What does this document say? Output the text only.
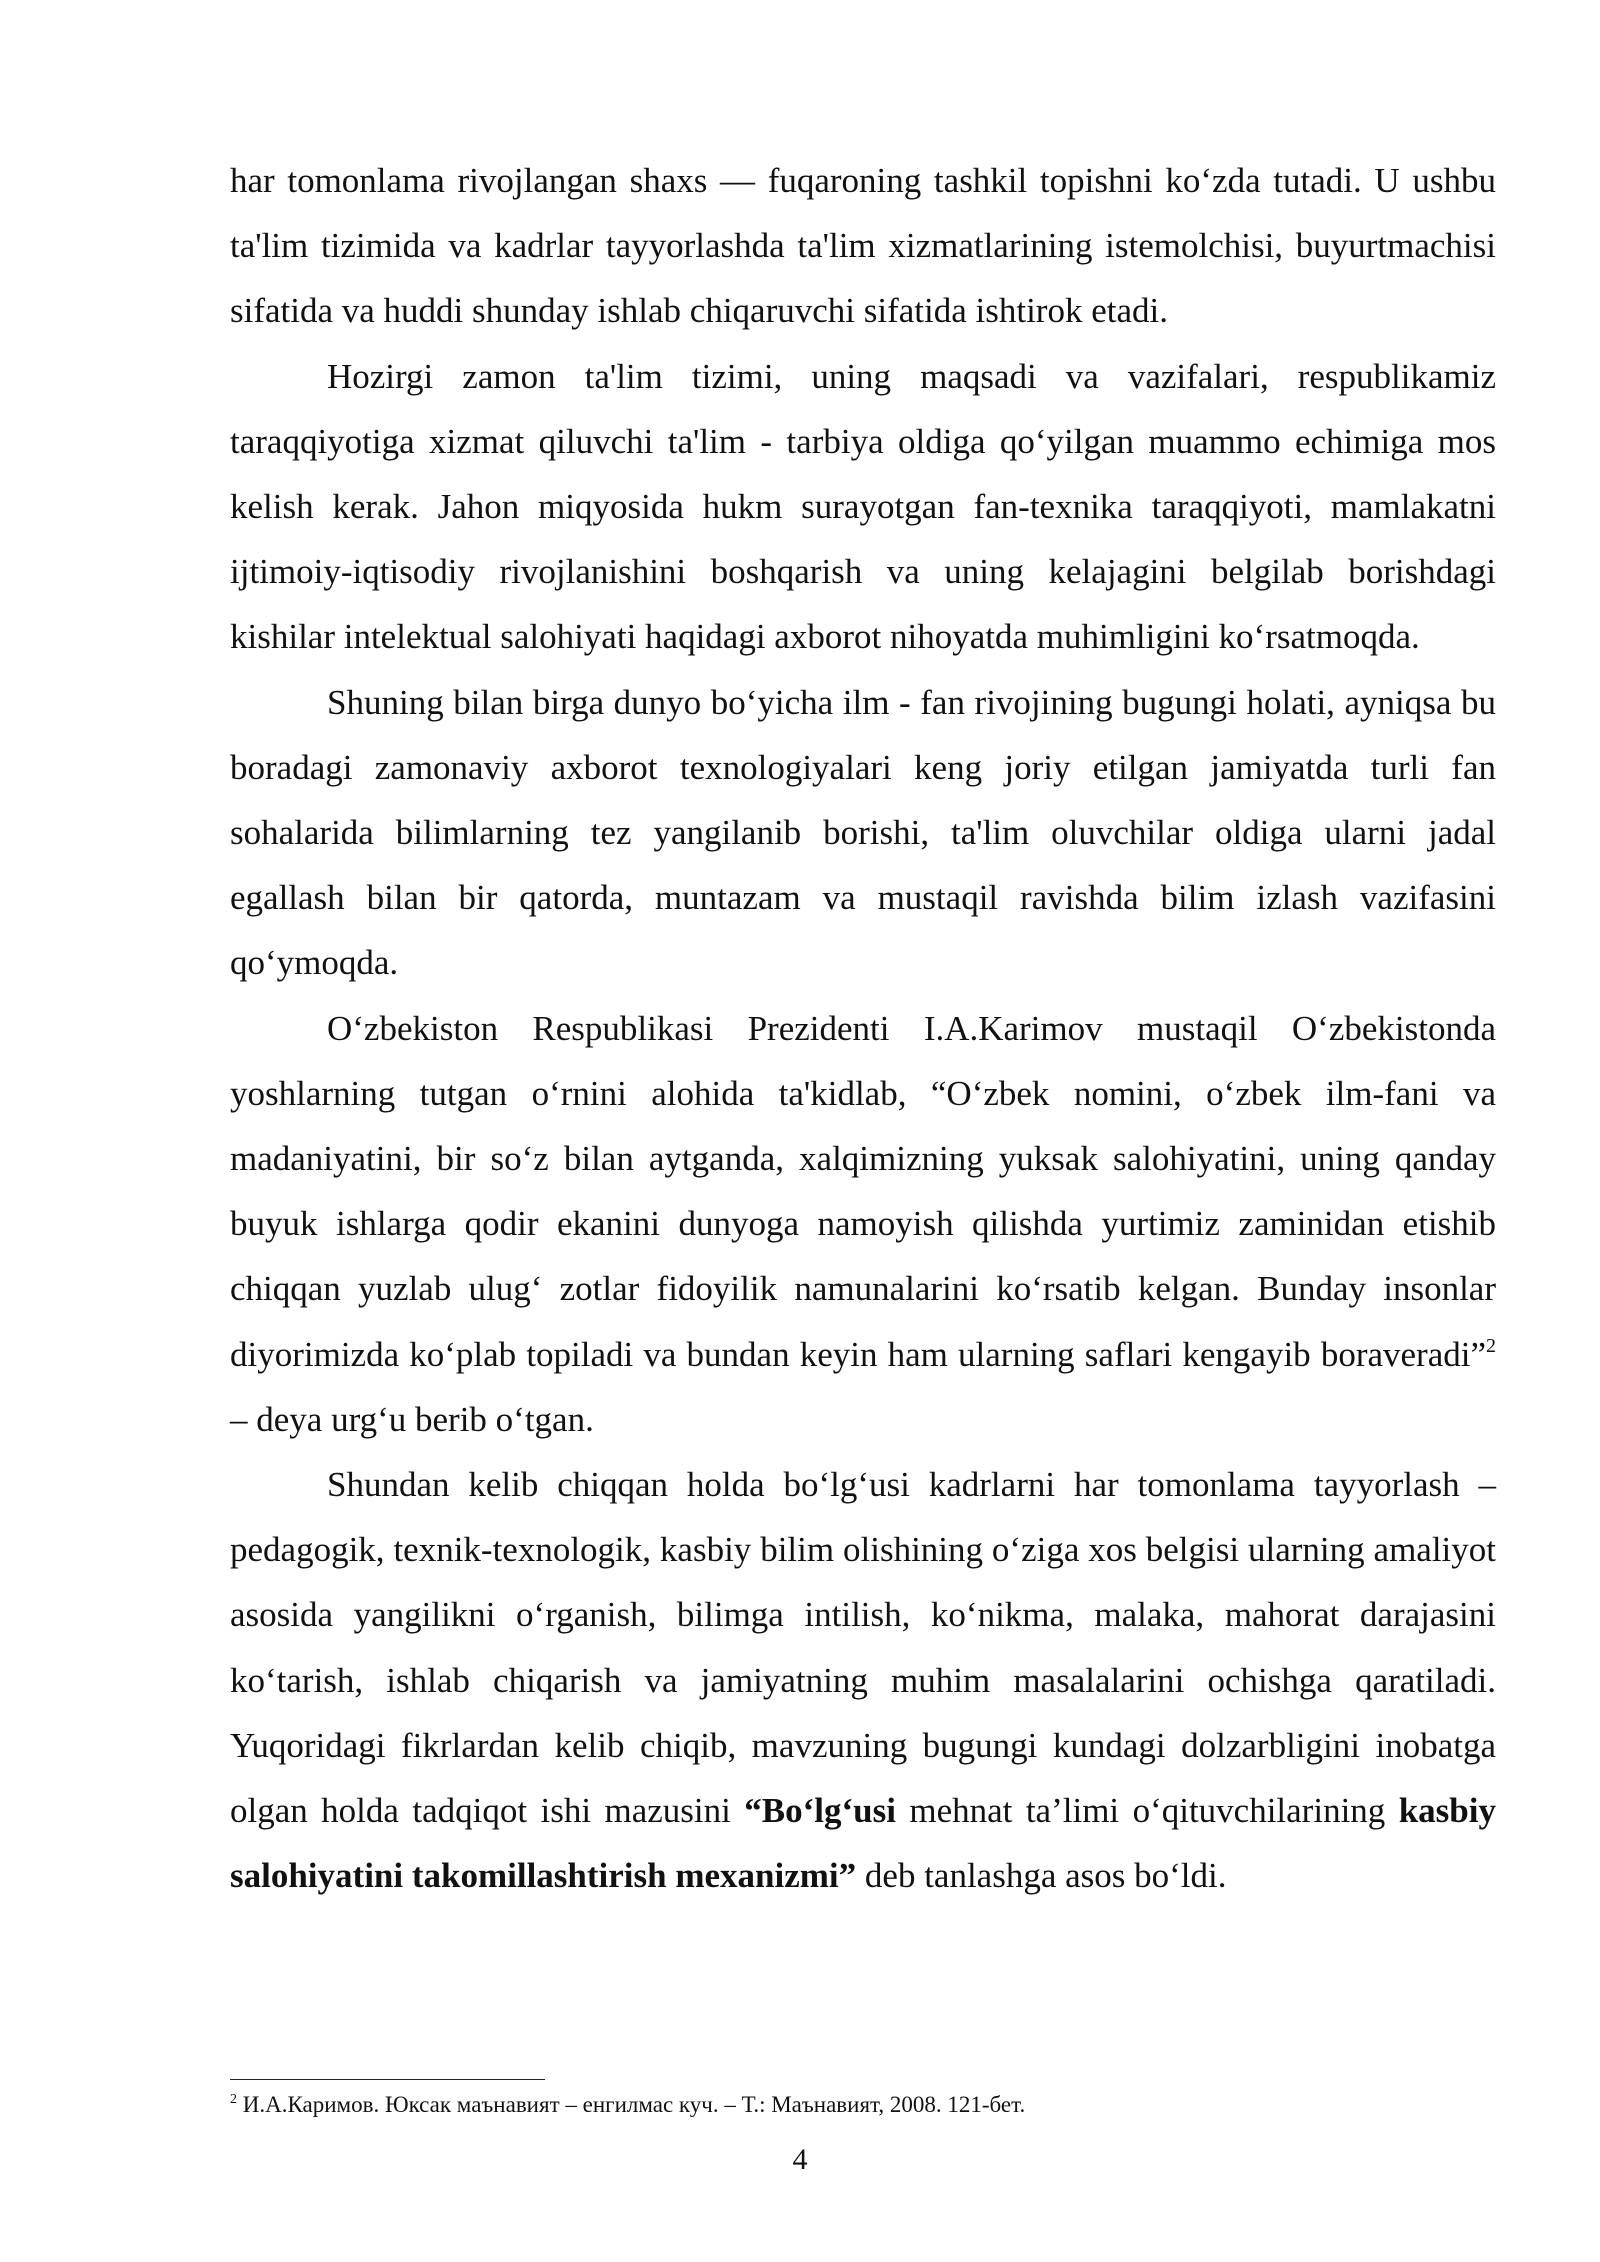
har tomonlama rivojlangan shaxs — fuqaroning tashkil topishni ko‘zda tutadi. U ushbu ta'lim tizimida va kadrlar tayyorlashda ta'lim xizmatlarining istemolchisi, buyurtmachisi sifatida va huddi shunday ishlab chiqaruvchi sifatida ishtirok etadi.

Hozirgi zamon ta'lim tizimi, uning maqsadi va vazifalari, respublikamiz taraqqiyotiga xizmat qiluvchi ta'lim - tarbiya oldiga qo‘yilgan muammo echimiga mos kelish kerak. Jahon miqyosida hukm surayotgan fan-texnika taraqqiyoti, mamlakatni ijtimoiy-iqtisodiy rivojlanishini boshqarish va uning kelajagini belgilab borishdagi kishilar intelektual salohiyati haqidagi axborot nihoyatda muhimligini ko‘rsatmoqda.

Shuning bilan birga dunyo bo‘yicha ilm - fan rivojining bugungi holati, ayniqsa bu boradagi zamonaviy axborot texnologiyalari keng joriy etilgan jamiyatda turli fan sohalarida bilimlarning tez yangilanib borishi, ta'lim oluvchilar oldiga ularni jadal egallash bilan bir qatorda, muntazam va mustaqil ravishda bilim izlash vazifasini qo‘ymoqda.

O‘zbekiston Respublikasi Prezidenti I.A.Karimov mustaqil O‘zbekistonda yoshlarning tutgan o‘rnini alohida ta'kidlab, “O‘zbek nomini, o‘zbek ilm-fani va madaniyatini, bir so‘z bilan aytganda, xalqimizning yuksak salohiyatini, uning qanday buyuk ishlarga qodir ekanini dunyoga namoyish qilishda yurtimiz zaminidan etishib chiqqan yuzlab ulug‘ zotlar fidoyilik namunalarini ko‘rsatib kelgan. Bunday insonlar diyorimizda ko‘plab topiladi va bundan keyin ham ularning saflari kengayib boraveradi”$^2$ – deya urg‘u berib o‘tgan.

Shundan kelib chiqqan holda bo‘lg‘usi kadrlarni har tomonlama tayyorlash – pedagogik, texnik-texnologik, kasbiy bilim olishining o‘ziga xos belgisi ularning amaliyot asosida yangilikni o‘rganish, bilimga intilish, ko‘nikma, malaka, mahorat darajasini ko‘tarish, ishlab chiqarish va jamiyatning muhim masalalarini ochishga qaratiladi. Yuqoridagi fikrlardan kelib chiqib, mavzuning bugungi kundagi dolzarbligini inobatga olgan holda tadqiqot ishi mazusini “Bo‘lg‘usi mehnat ta’limi o‘qituvchilarining kasbiy salohiyatini takomillashtirish mexanizmi” deb tanlashga asos bo‘ldi.

$^2$ И.А.Каримов. Юксак маънавият – енгилмас куч. – Т.: Маънавият, 2008. 121-бет.
4
